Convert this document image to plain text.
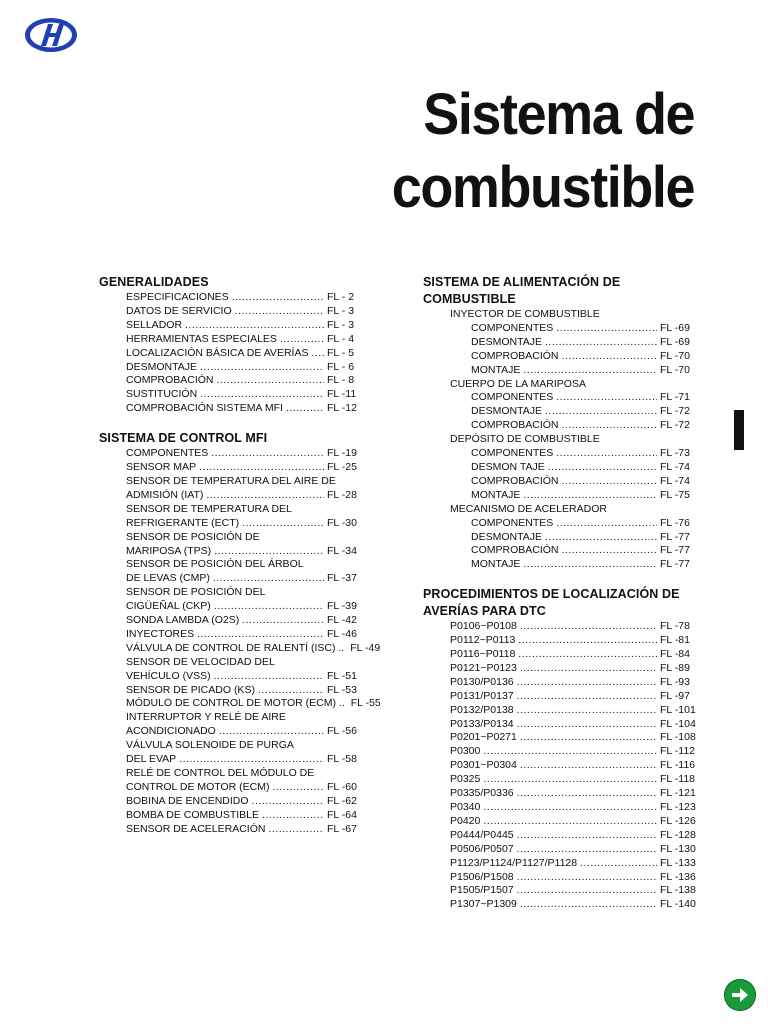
Sistema de
combustible
GENERALIDADES
ESPECIFICACIONES .....	FL - 2
DATOS DE SERVICIO .....	FL - 3
SELLADOR .....	FL - 3
HERRAMIENTAS ESPECIALES .....	FL - 4
LOCALIZACIÓN BÁSICA DE AVERÍAS ..... FL - 5
DESMONTAJE .....	FL - 6
COMPROBACIÓN .....	FL - 8
SUSTITUCIÓN .....	FL -11
COMPROBACIÓN SISTEMA MFI .....	FL -12
SISTEMA DE CONTROL MFI
COMPONENTES .....	FL -19
SENSOR MAP .....	FL -25
SENSOR DE TEMPERATURA DEL AIRE DE
ADMISIÓN (IAT) .....	FL -28
SENSOR DE TEMPERATURA DEL
REFRIGERANTE (ECT) .....	FL -30
SENSOR DE POSICIÓN DE
MARIPOSA (TPS) .....	FL -34
SENSOR DE POSICIÓN DEL ÁRBOL
DE LEVAS (CMP) .....	FL -37
SENSOR DE POSICIÓN DEL
CIGÜEÑAL (CKP) .....	FL -39
SONDA LAMBDA (O2S) .....	FL -42
INYECTORES .....	FL -46
VÁLVULA DE CONTROL DE RALENTÍ (ISC) .. FL -49
SENSOR DE VELOCIDAD DEL
VEHÍCULO (VSS) .....	FL -51
SENSOR DE PICADO (KS) .....	FL -53
MÓDULO DE CONTROL DE MOTOR (ECM) .. FL -55
INTERRUPTOR Y RELÉ DE AIRE
ACONDICIONADO .....	FL -56
VÁLVULA SOLENOIDE DE PURGA
DEL EVAP .....	FL -58
RELÉ DE CONTROL DEL MÓDULO DE
CONTROL DE MOTOR (ECM) .....	FL -60
BOBINA DE ENCENDIDO .....	FL -62
BOMBA DE COMBUSTIBLE .....	FL -64
SENSOR DE ACELERACIÓN .....	FL -67
SISTEMA DE ALIMENTACIÓN DE
COMBUSTIBLE
INYECTOR DE COMBUSTIBLE
COMPONENTES .....	FL -69
DESMONTAJE .....	FL -69
COMPROBACIÓN .....	FL -70
MONTAJE .....	FL -70
CUERPO DE LA MARIPOSA
COMPONENTES .....	FL -71
DESMONTAJE .....	FL -72
COMPROBACIÓN .....	FL -72
DEPÓSITO DE COMBUSTIBLE
COMPONENTES .....	FL -73
DESMON TAJE .....	FL -74
COMPROBACIÓN .....	FL -74
MONTAJE .....	FL -75
MECANISMO DE ACELERADOR
COMPONENTES .....	FL -76
DESMONTAJE .....	FL -77
COMPROBACIÓN .....	FL -77
MONTAJE .....	FL -77
PROCEDIMIENTOS DE LOCALIZACIÓN DE
AVERÍAS PARA DTC
P0106~P0108 .....	FL -78
P0112~P0113 .....	FL -81
P0116~P0118 .....	FL -84
P0121~P0123 .....	FL -89
P0130/P0136 .....	FL -93
P0131/P0137 .....	FL -97
P0132/P0138 .....	FL -101
P0133/P0134 .....	FL -104
P0201~P0271 .....	FL -108
P0300 .....	FL -112
P0301~P0304 .....	FL -116
P0325 .....	FL -118
P0335/P0336 .....	FL -121
P0340 .....	FL -123
P0420 .....	FL -126
P0444/P0445 .....	FL -128
P0506/P0507 .....	FL -130
P1123/P1124/P1127/P1128 .....	FL -133
P1506/P1508 .....	FL -136
P1505/P1507 .....	FL -138
P1307~P1309 .....	FL -140
